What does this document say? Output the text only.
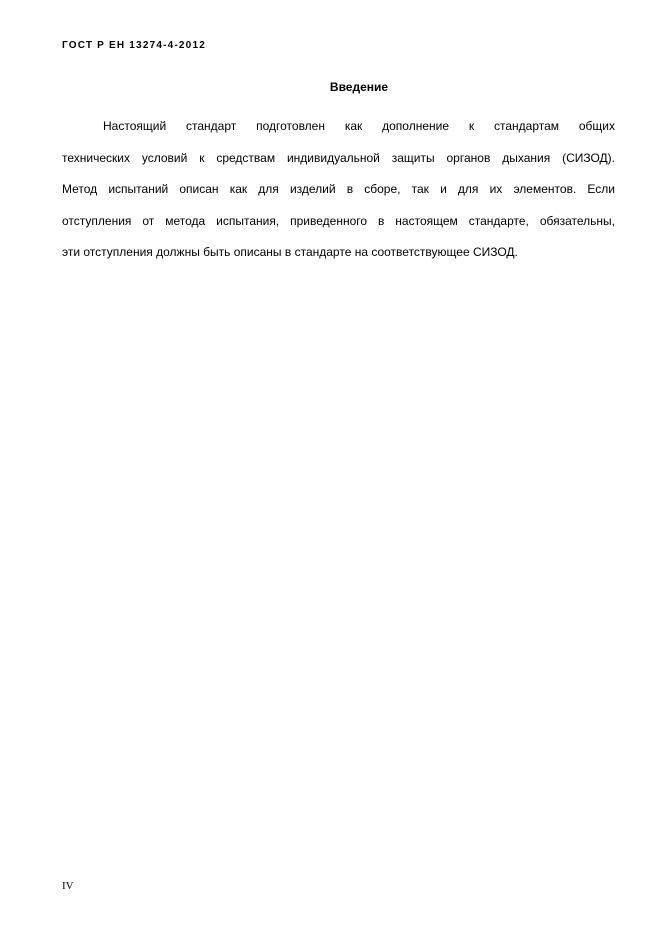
ГОСТ Р ЕН 13274-4-2012
Введение
Настоящий стандарт подготовлен как дополнение к стандартам общих
технических условий к средствам индивидуальной защиты органов дыхания (СИЗОД).
Метод испытаний описан как для изделий в сборе, так и для их элементов. Если
отступления от метода испытания, приведенного в настоящем стандарте, обязательны,
эти отступления должны быть описаны в стандарте на соответствующее СИЗОД.
IV
